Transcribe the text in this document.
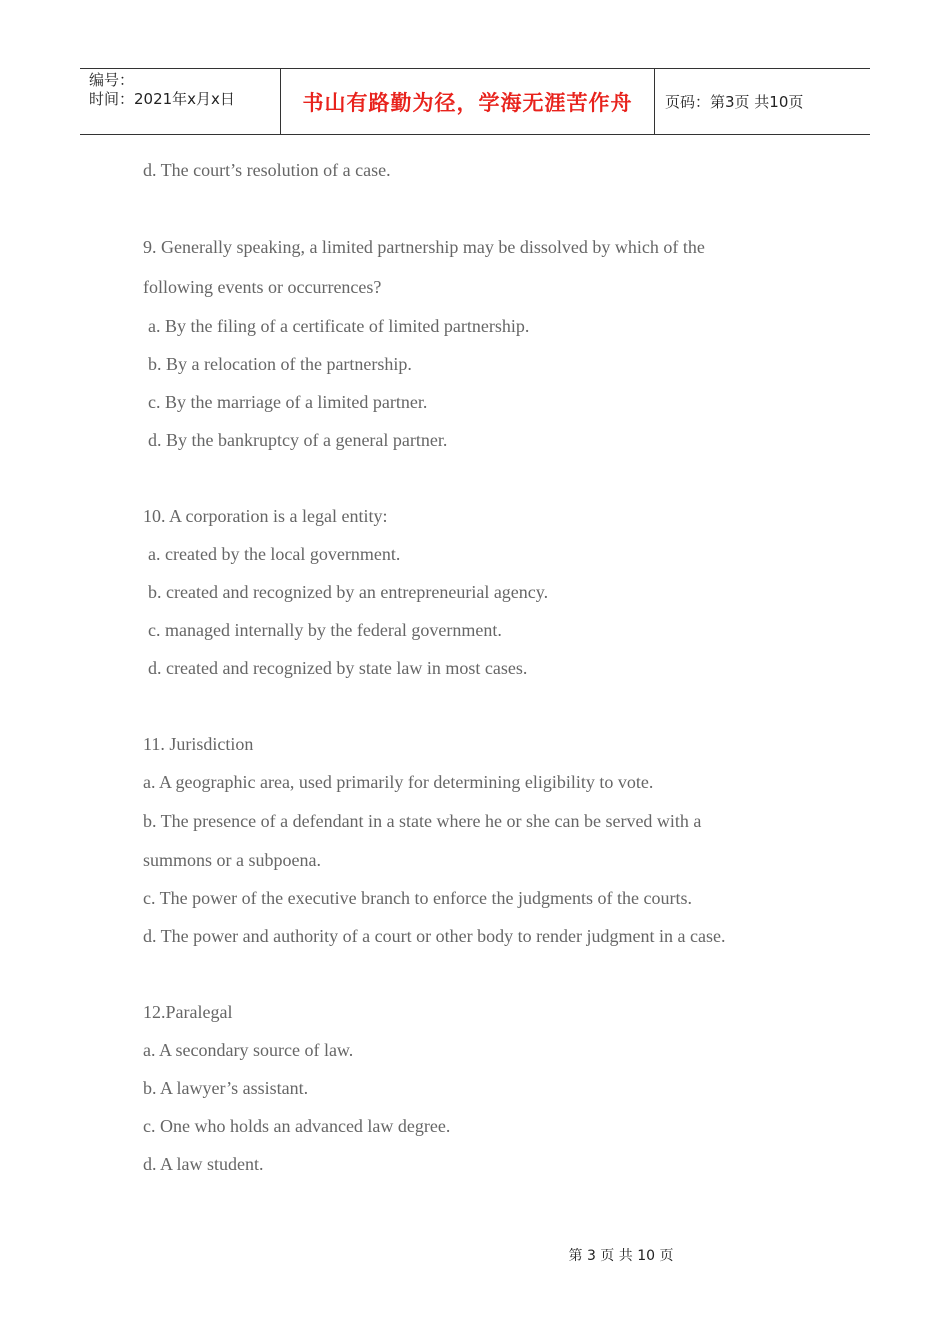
编号：
时间：2021年x月x日	书山有路勤为径，学海无涯苦作舟	页码：第3页 共10页
d. The court’s resolution of a case.
9. Generally speaking, a limited partnership may be dissolved by which of the
following events or occurrences?
a. By the filing of a certificate of limited partnership.
b. By a relocation of the partnership.
c. By the marriage of a limited partner.
d. By the bankruptcy of a general partner.
10. A corporation is a legal entity:
a. created by the local government.
b. created and recognized by an entrepreneurial agency.
c. managed internally by the federal government.
d. created and recognized by state law in most cases.
11. Jurisdiction
a. A geographic area, used primarily for determining eligibility to vote.
b. The presence of a defendant in a state where he or she can be served with a
summons or a subpoena.
c. The power of the executive branch to enforce the judgments of the courts.
d. The power and authority of a court or other body to render judgment in a case.
12.Paralegal
a. A secondary source of law.
b. A lawyer’s assistant.
c. One who holds an advanced law degree.
d. A law student.
第 3 页 共 10 页
